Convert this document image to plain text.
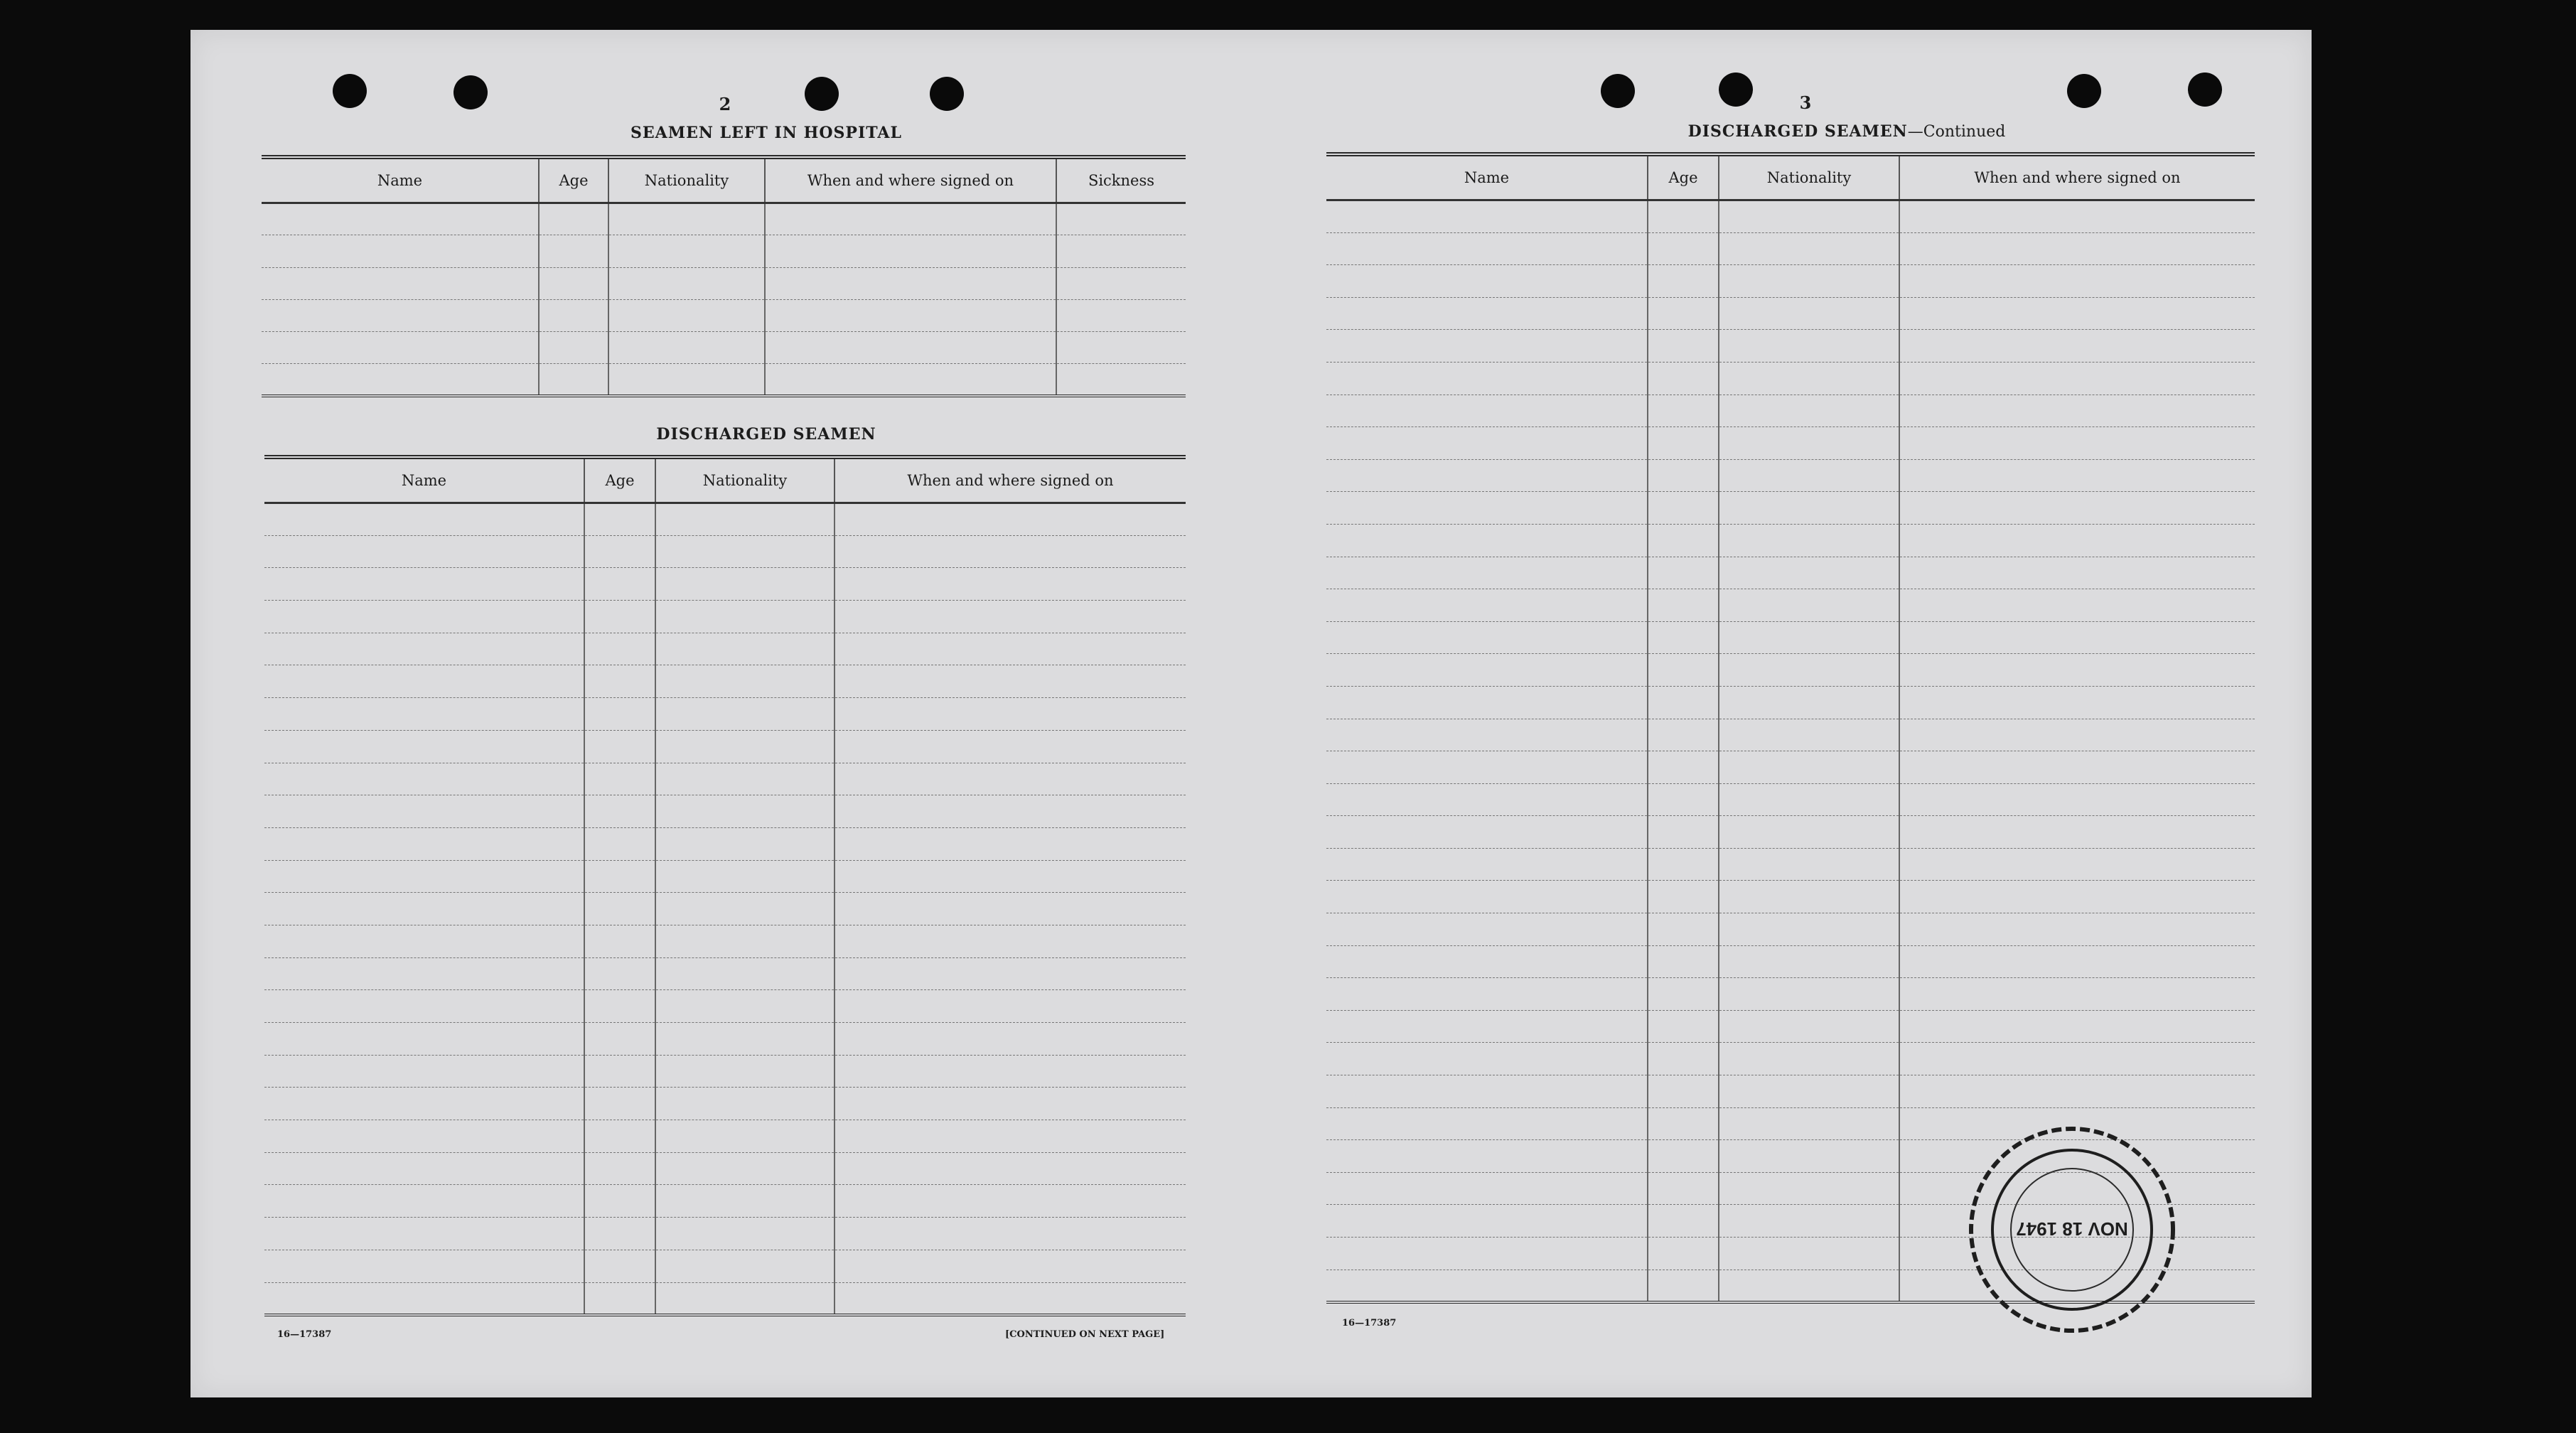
2
SEAMEN LEFT IN HOSPITAL
Name	Age	Nationality	When and where signed on	Sickness

DISCHARGED SEAMEN
Name	Age	Nationality	When and where signed on

16—17387	[CONTINUED ON NEXT PAGE]
3
DISCHARGED SEAMEN—Continued
Name	Age	Nationality	When and where signed on

16—17387
NOV 18 1947
